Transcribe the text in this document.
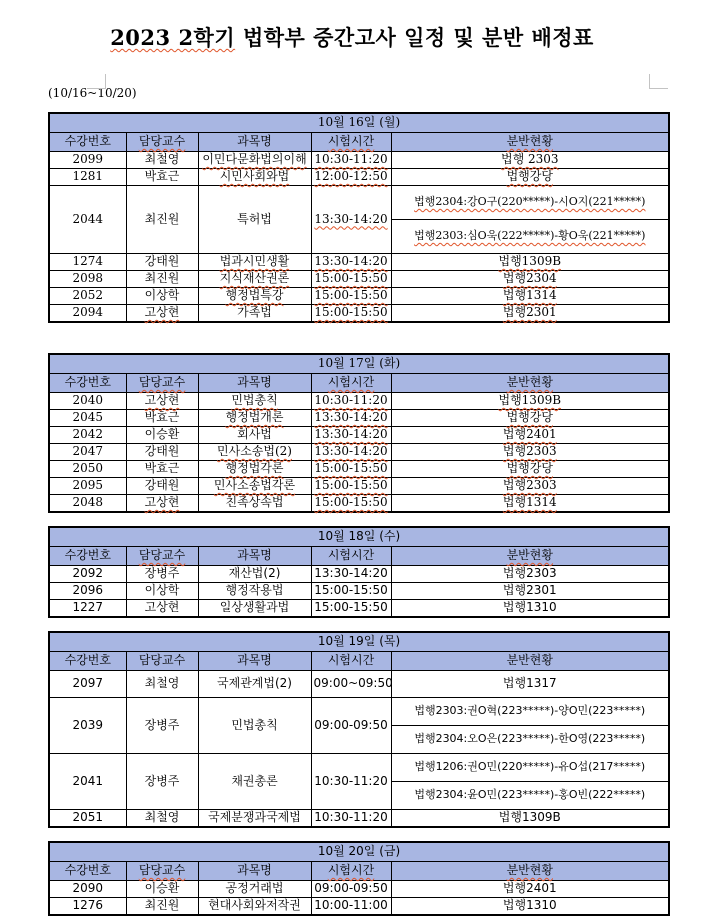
2023 2학기 법학부 중간고사 일정 및 분반 배정표
(10/16~10/20)
10월 16일 (월)				
수강번호	담당교수	과목명	시험시간	분반현황
2099	최철영	이민다문화법의이해	10:30-11:20	법행 2303
1281	박효근	시민사회와법	12:00-12:50	법행강당
2044	최진원	특허법	13:30-14:20	법행2304:강O구(220*****)-시O지(221*****)
				법행2303:심O욱(222*****)-황O욱(221*****)
1274	강태원	법과시민생활	13:30-14:20	법행1309B
2098	최진원	지식재산권론	15:00-15:50	법행2304
2052	이상학	행정법특강	15:00-15:50	법행1314
2094	고상현	가족법	15:00-15:50	법행2301
10월 17일 (화)				
수강번호	담당교수	과목명	시험시간	분반현황
2040	고상현	민법총칙	10:30-11:20	법행1309B
2045	박효근	행정법개론	13:30-14:20	법행강당
2042	이승환	회사법	13:30-14:20	법행2401
2047	강태원	민사소송법(2)	13:30-14:20	법행2303
2050	박효근	행정법각론	15:00-15:50	법행강당
2095	강태원	민사소송법각론	15:00-15:50	법행2303
2048	고상현	친족상속법	15:00-15:50	법행1314
10월 18일 (수)				
수강번호	담당교수	과목명	시험시간	분반현황
2092	장병주	재산법(2)	13:30-14:20	법행2303
2096	이상학	행정작용법	15:00-15:50	법행2301
1227	고상현	일상생활과법	15:00-15:50	법행1310
10월 19일 (목)				
수강번호	담당교수	과목명	시험시간	분반현황
2097	최철영	국제관계법(2)	09:00~09:50	법행1317
2039	장병주	민법총칙	09:00-09:50	법행2303:권O혁(223*****)-양O민(223*****)
				법행2304:오O은(223*****)-한O영(223*****)
2041	장병주	채권총론	10:30-11:20	법행1206:권O민(220*****)-유O섭(217*****)
				법행2304:윤O민(223*****)-홍O빈(222*****)
2051	최철영	국제분쟁과국제법	10:30-11:20	법행1309B
10월 20일 (금)				
수강번호	담당교수	과목명	시험시간	분반현황
2090	이승환	공정거래법	09:00-09:50	법행2401
1276	최진원	현대사회와저작권	10:00-11:00	법행1310
